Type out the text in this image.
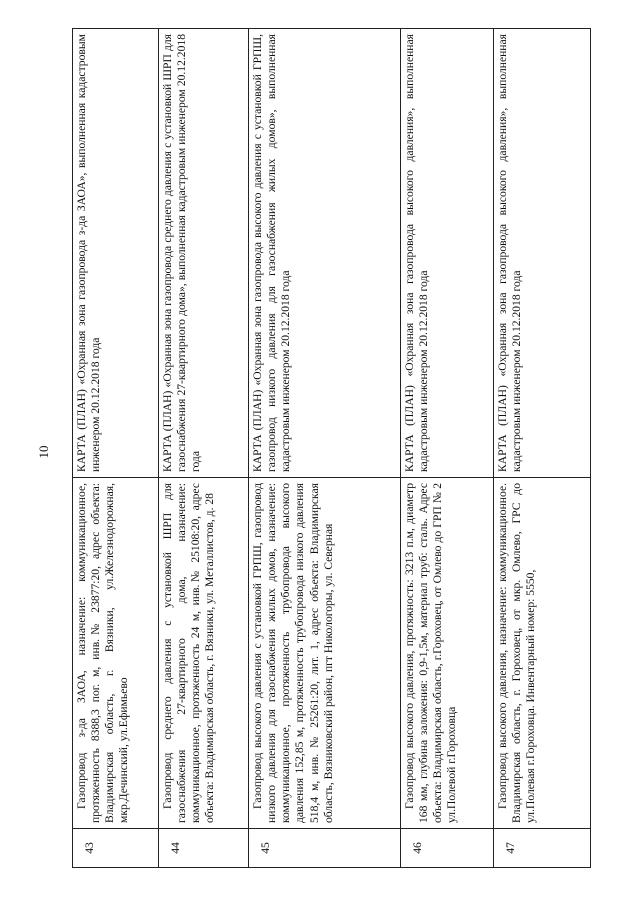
10
43	Газопровод з-да ЗАОА, назначение: коммуникационное, протяженность 8388,3 пог. м, инв.№ 23877:20, адрес объекта: Владимирская область, г. Вязники, ул.Железнодорожная, мкр.Дечинский, ул.Ефимьево	КАРТА (ПЛАН) «Охранная зона газопровода з-да ЗАОА», выполненная кадастровым инженером 20.12.2018 года
44	Газопровод среднего давления с установкой ШРП для газоснабжения 27-квартирного дома, назначение: коммуникационное, протяженность 24 м, инв.№ 25108:20, адрес объекта: Владимирская область, г. Вязники, ул. Металлистов, д. 28	КАРТА (ПЛАН) «Охранная зона газопровода среднего давления с установкой ШРП для газоснабжения 27-квартирного дома», выполненная кадастровым инженером 20.12.2018 года
45	Газопровод высокого давления с установкой ГРПШ, газопровод низкого давления для газоснабжения жилых домов, назначение: коммуникационное, протяженность трубопровода высокого давления 152,85 м, протяженность трубопровода низкого давления 518,4 м, инв. № 25261:20, лит. 1, адрес объекта: Владимирская область, Вязниковский район, пгт Никологоры, ул. Северная	КАРТА (ПЛАН) «Охранная зона газопровода высокого давления с установкой ГРПШ, газопровод низкого давления для газоснабжения жилых домов», выполненная кадастровым инженером 20.12.2018 года
46	Газопровод высокого давления, протяжность: 3213 п.м, диаметр 168 мм, глубина заложения: 0,9-1,5м, материал труб: сталь. Адрес объекта: Владимирская область, г.Гороховец, от Омлево до ГРП № 2 ул.Полевой г.Гороховца	КАРТА (ПЛАН) «Охранная зона газопровода высокого давления», выполненная кадастровым инженером 20.12.2018 года
47	Газопровод высокого давления, назначение: коммуникационное. Владимирская область, г. Гороховец, от мкр. Омлево, ГРС до ул.Полевая г.Гороховца. Инвентарный номер: 5550,	КАРТА (ПЛАН) «Охранная зона газопровода высокого давления», выполненная кадастровым инженером 20.12.2018 года
